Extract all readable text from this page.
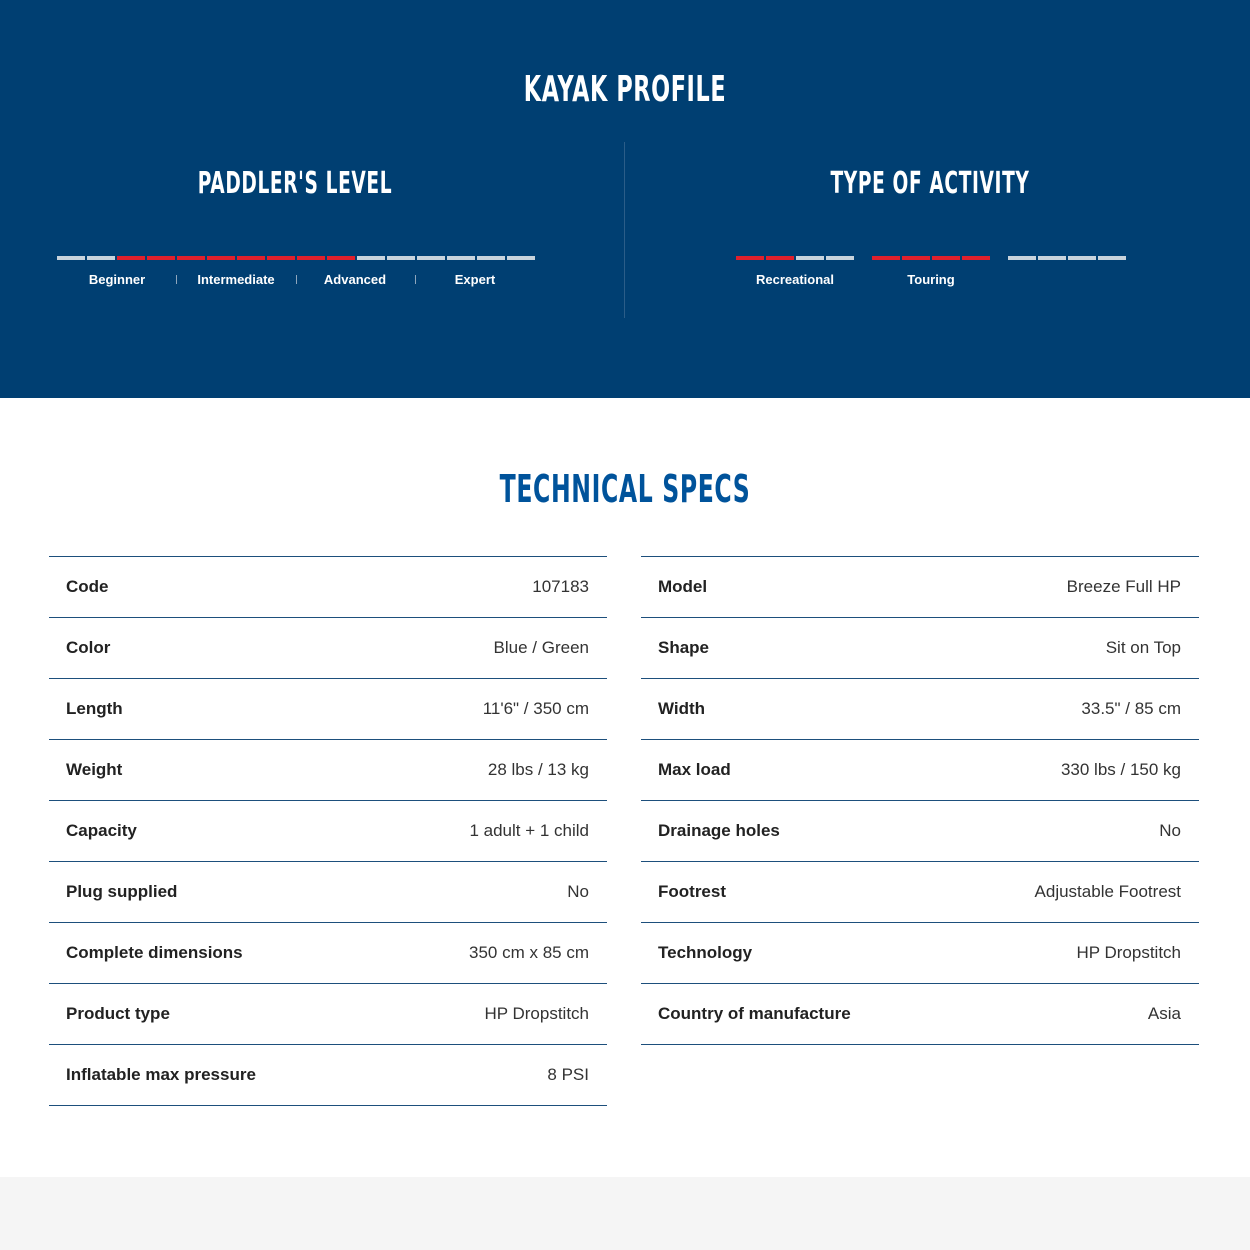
KAYAK PROFILE
PADDLER'S LEVEL	TYPE OF ACTIVITY
Beginner	Intermediate	Advanced	Expert	Recreational	Touring
TECHNICAL SPECS
Code	107183
Color	Blue / Green
Length	11'6" / 350 cm
Weight	28 lbs / 13 kg
Capacity	1 adult + 1 child
Plug supplied	No
Complete dimensions	350 cm x 85 cm
Product type	HP Dropstitch
Inflatable max pressure	8 PSI
Model	Breeze Full HP
Shape	Sit on Top
Width	33.5" / 85 cm
Max load	330 lbs / 150 kg
Drainage holes	No
Footrest	Adjustable Footrest
Technology	HP Dropstitch
Country of manufacture	Asia
